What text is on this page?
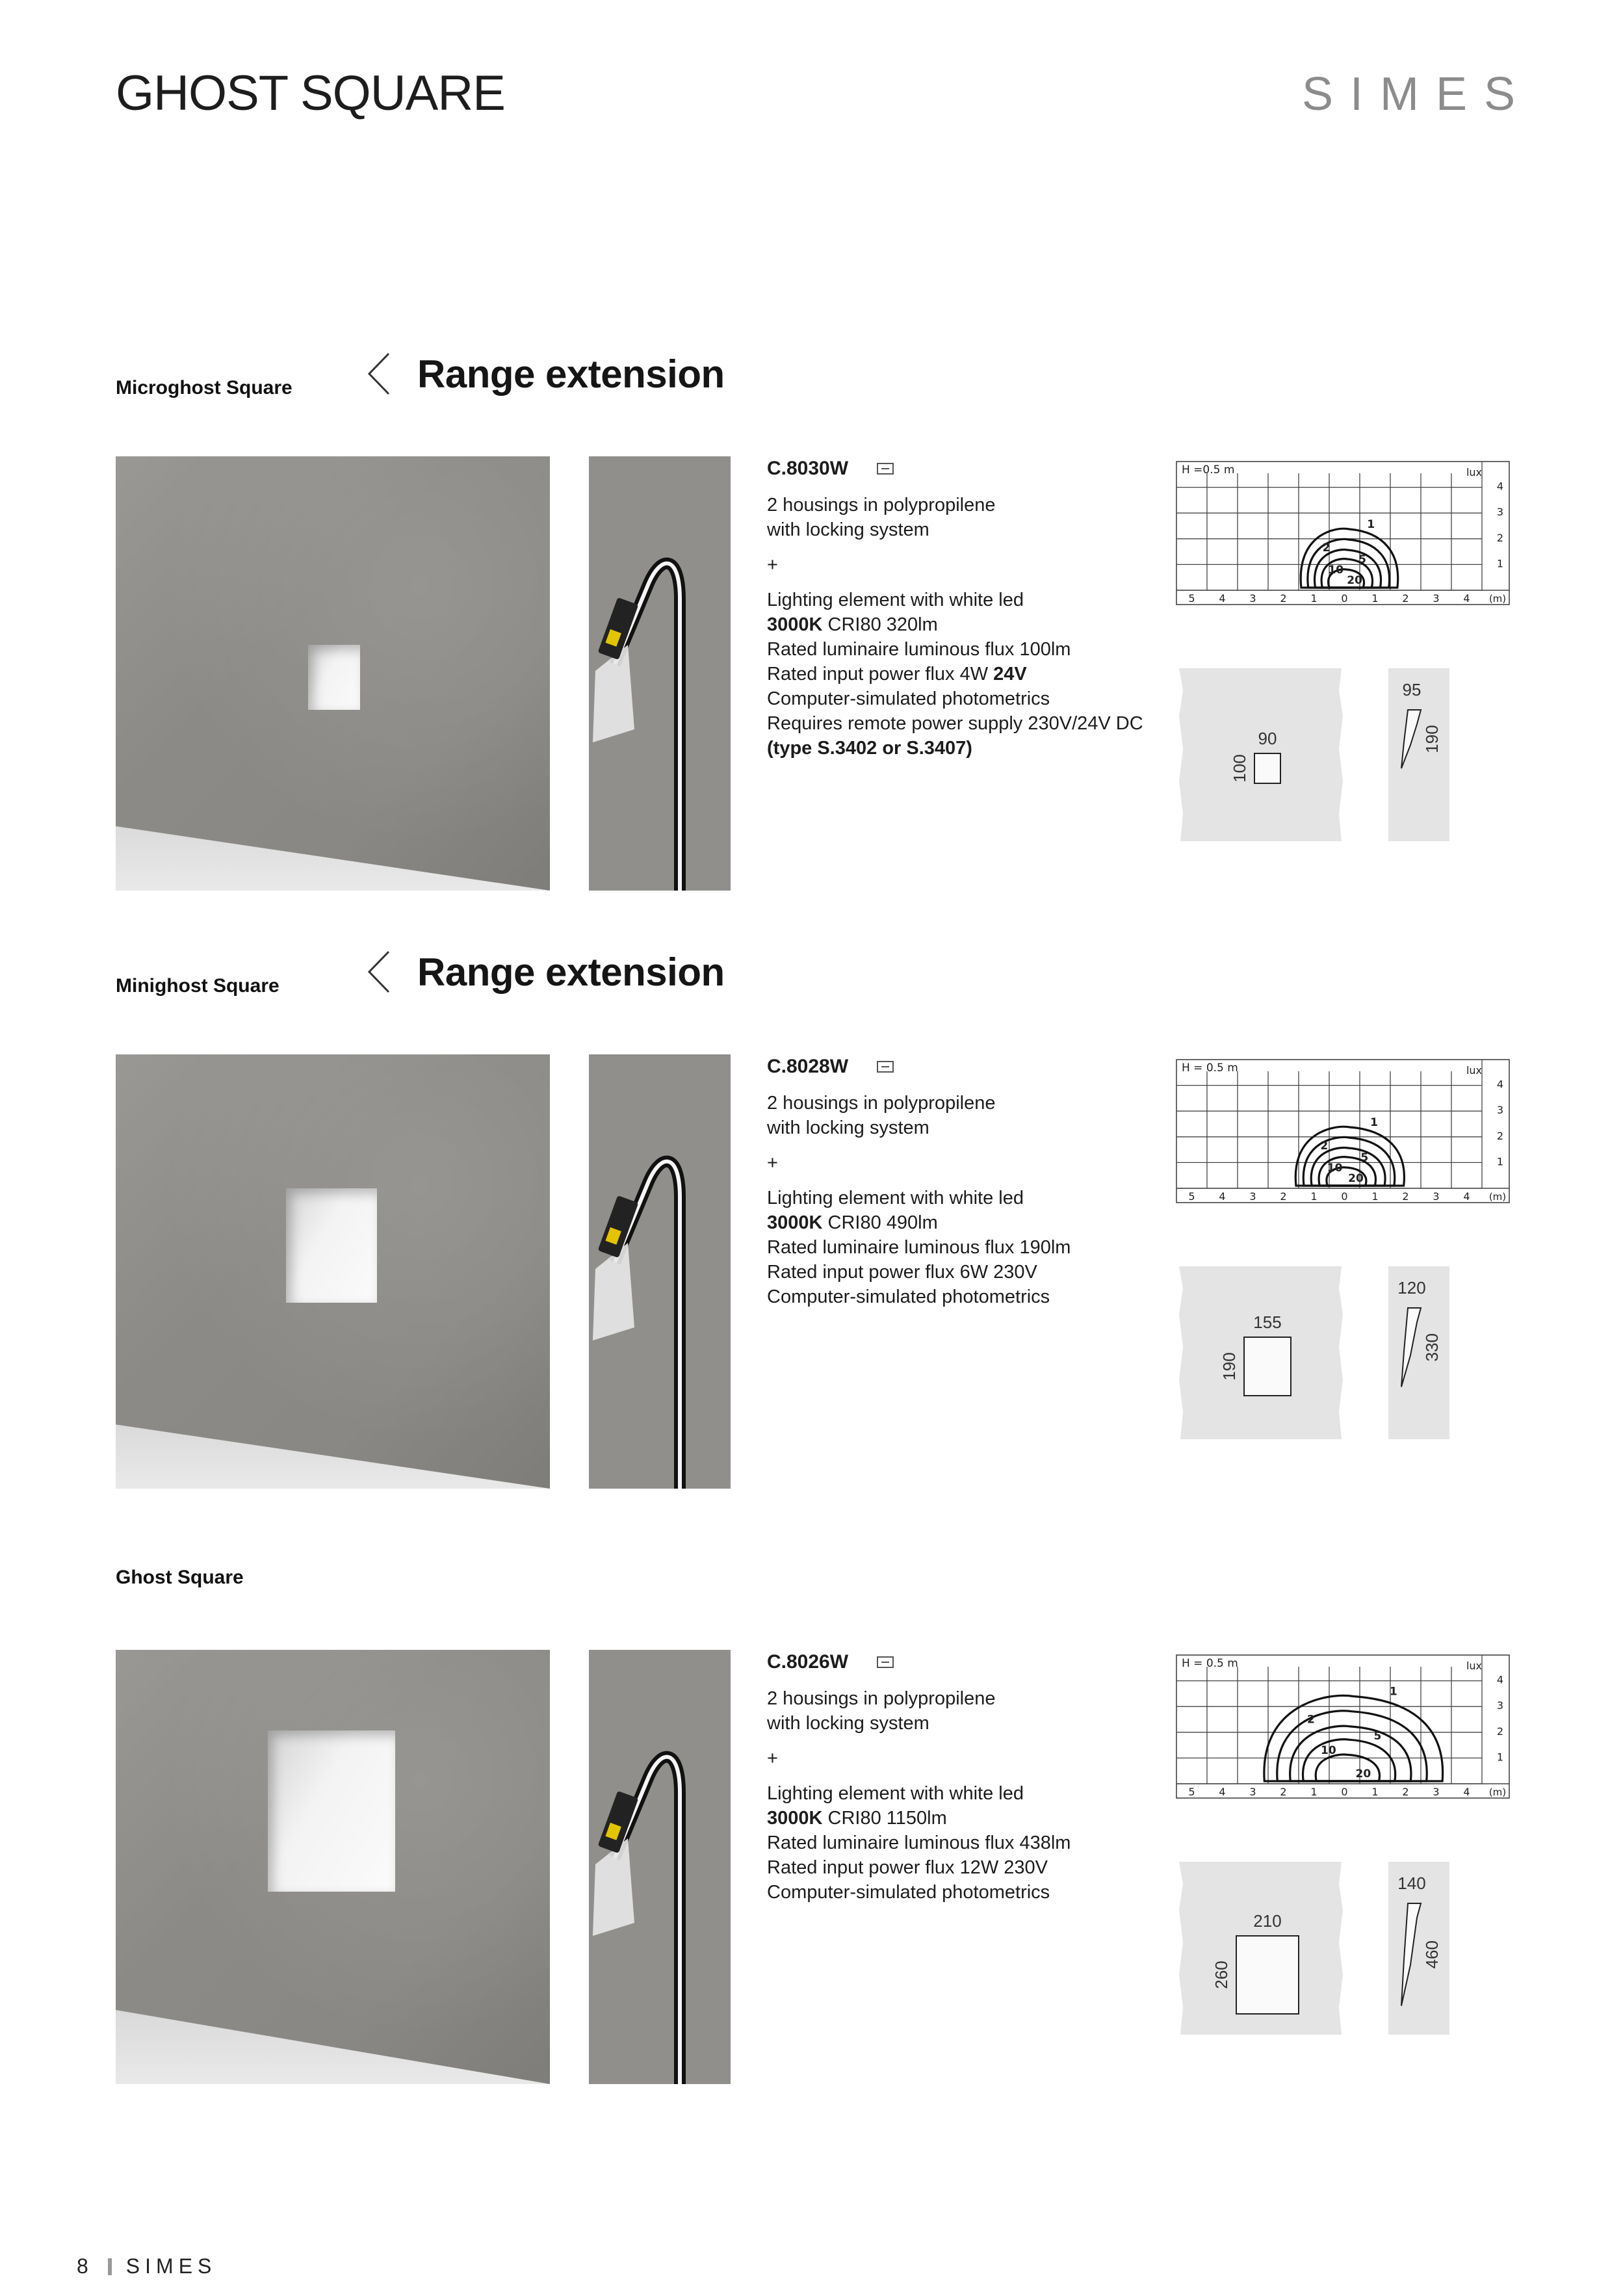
GHOST SQUARE	SIMES
Microghost Square	Range extension
C.8030W
2 housings in polypropilene
with locking system
+
Lighting element with white led
3000K CRI80 320lm
Rated luminaire luminous flux 100lm
Rated input power flux 4W 24V
Computer-simulated photometrics
Requires remote power supply 230V/24V DC
(type S.3402 or S.3407)
H =0.5 m	lux
4
3
2
1
5 4 3 2 1 0 1 2 3 4 (m)
1
2
5
10
20
90
100
95
190
Minighost Square	Range extension
C.8028W
2 housings in polypropilene
with locking system
+
Lighting element with white led
3000K CRI80 490lm
Rated luminaire luminous flux 190lm
Rated input power flux 6W 230V
Computer-simulated photometrics
H = 0.5 m	lux
4
3
2
1
5 4 3 2 1 0 1 2 3 4 (m)
1
2
5
10
20
155
190
120
330
Ghost Square
C.8026W
2 housings in polypropilene
with locking system
+
Lighting element with white led
3000K CRI80 1150lm
Rated luminaire luminous flux 438lm
Rated input power flux 12W 230V
Computer-simulated photometrics
H = 0.5 m	lux
4
3
2
1
5 4 3 2 1 0 1 2 3 4 (m)
1
2
5
10
20
210
260
140
460
8 SIMES
